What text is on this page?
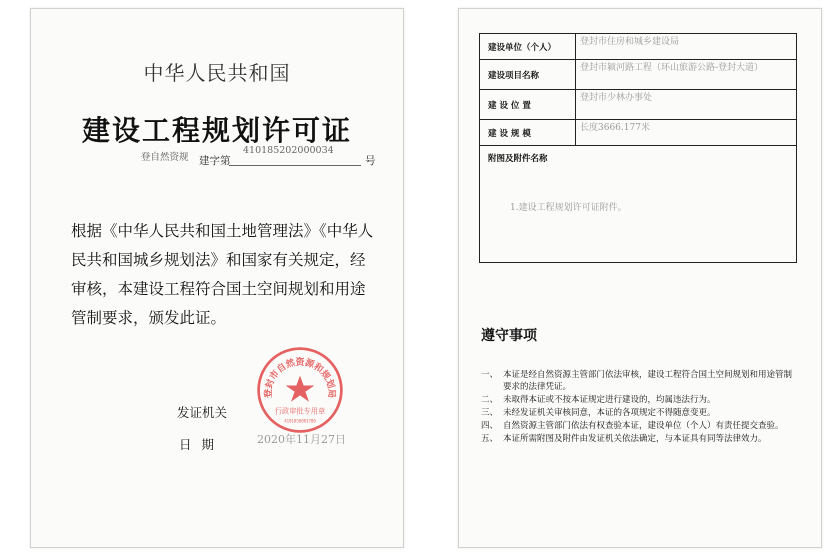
中华人民共和国
建设工程规划许可证
登自然资规 建字第
410185202000034
号
根据《中华人民共和国土地管理法》《中华人民共和国城乡规划法》和国家有关规定，经审核，本建设工程符合国土空间规划和用途管制要求，颁发此证。
登封市自然资源和规划局
行政审批专用章
4101850003780
发证机关
日期	2020年11月27日
建设单位（个人）
登封市住房和城乡建设局
建设项目名称
登封市颍河路工程（环山旅游公路-登封大道）
建 设 位 置
登封市少林办事处
建 设 规 模
长度3666.177米
附图及附件名称
1.建设工程规划许可证附件。
遵守事项
一、 本证是经自然资源主管部门依法审核，建设工程符合国土空间规划和用途管制要求的法律凭证。
二、 未取得本证或不按本证规定进行建设的，均属违法行为。
三、 未经发证机关审核同意，本证的各项规定不得随意变更。
四、 自然资源主管部门依法有权查验本证，建设单位（个人）有责任提交查验。
五、 本证所需附图及附件由发证机关依法确定，与本证具有同等法律效力。
